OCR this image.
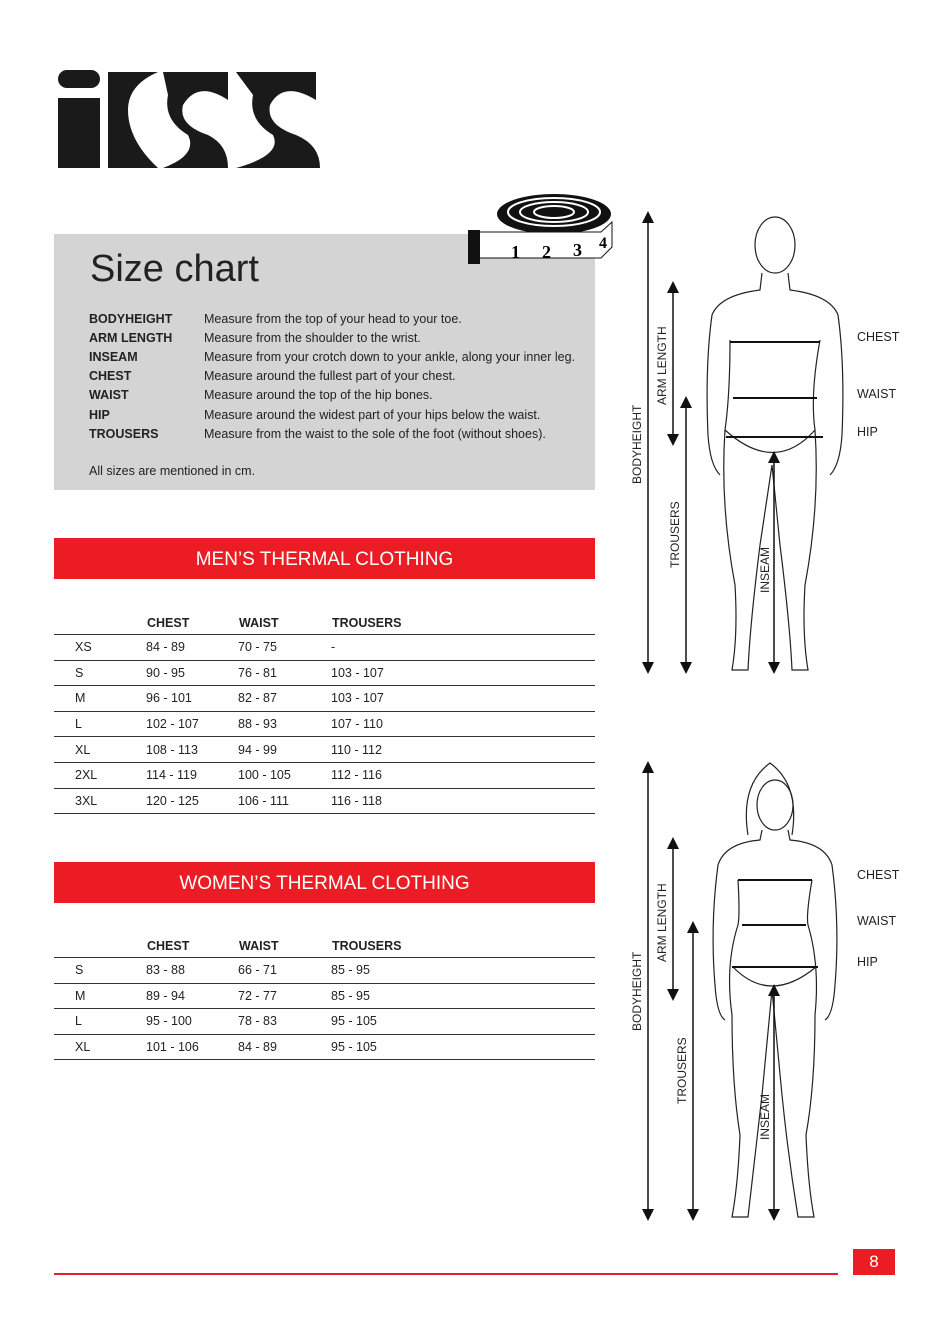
Size chart
BODYHEIGHT	Measure from the top of your head to your toe.
ARM LENGTH	Measure from the shoulder to the wrist.
INSEAM	Measure from your crotch down to your ankle, along your inner leg.
CHEST	Measure around the fullest part of your chest.
WAIST	Measure around the top of the hip bones.
HIP	Measure around the widest part of your hips below the waist.
TROUSERS	Measure from the waist to the sole of the foot (without shoes).
All sizes are mentioned in cm.
1 2 3 4
MEN’S THERMAL CLOTHING
	CHEST	WAIST	TROUSERS
XS	84 - 89	70 - 75	-
S	90 - 95	76 - 81	103 - 107
M	96 - 101	82 - 87	103 - 107
L	102 - 107	88 - 93	107 - 110
XL	108 - 113	94 - 99	110 - 112
2XL	114 - 119	100 - 105	112 - 116
3XL	120 - 125	106 - 111	116 - 118
WOMEN’S THERMAL CLOTHING
	CHEST	WAIST	TROUSERS
S	83 - 88	66 - 71	85 - 95
M	89 - 94	72 - 77	85 - 95
L	95 - 100	78 - 83	95 - 105
XL	101 - 106	84 - 89	95 - 105
BODYHEIGHT
ARM LENGTH
TROUSERS
INSEAM
CHEST
WAIST
HIP
BODYHEIGHT
ARM LENGTH
TROUSERS
INSEAM
CHEST
WAIST
HIP
8
